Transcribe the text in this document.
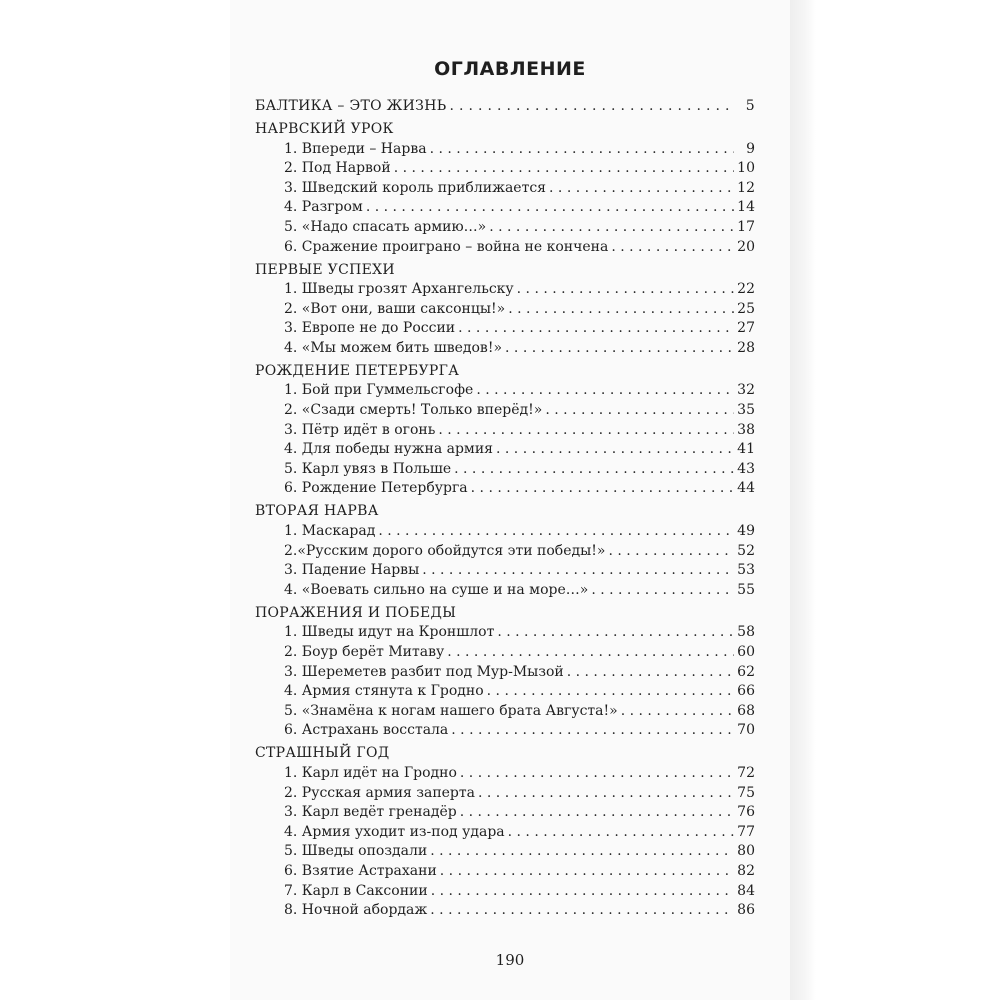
ОГЛАВЛЕНИЕ
БАЛТИКА – ЭТО ЖИЗНЬ . . .	5
НАРВСКИЙ УРОК
1. Впереди – Нарва . . .	9
2. Под Нарвой . . .	10
3. Шведский король приближается . . .	12
4. Разгром . . .	14
5. «Надо спасать армию…» . . .	17
6. Сражение проиграно – война не кончена . . .	20
ПЕРВЫЕ УСПЕХИ
1. Шведы грозят Архангельску . . .	22
2. «Вот они, ваши саксонцы!» . . .	25
3. Европе не до России . . .	27
4. «Мы можем бить шведов!» . . .	28
РОЖДЕНИЕ ПЕТЕРБУРГА
1. Бой при Гуммельсгофе . . .	32
2. «Сзади смерть! Только вперёд!» . . .	35
3. Пётр идёт в огонь . . .	38
4. Для победы нужна армия . . .	41
5. Карл увяз в Польше . . .	43
6. Рождение Петербурга . . .	44
ВТОРАЯ НАРВА
1. Маскарад . . .	49
2.«Русским дорого обойдутся эти победы!» . . .	52
3. Падение Нарвы . . .	53
4. «Воевать сильно на суше и на море…» . . .	55
ПОРАЖЕНИЯ И ПОБЕДЫ
1. Шведы идут на Кроншлот . . .	58
2. Боур берёт Митаву . . .	60
3. Шереметев разбит под Мур-Мызой . . .	62
4. Армия стянута к Гродно . . .	66
5. «Знамёна к ногам нашего брата Августа!» . . .	68
6. Астрахань восстала . . .	70
СТРАШНЫЙ ГОД
1. Карл идёт на Гродно . . .	72
2. Русская армия заперта . . .	75
3. Карл ведёт гренадёр . . .	76
4. Армия уходит из-под удара . . .	77
5. Шведы опоздали . . .	80
6. Взятие Астрахани . . .	82
7. Карл в Саксонии . . .	84
8. Ночной абордаж . . .	86
190
